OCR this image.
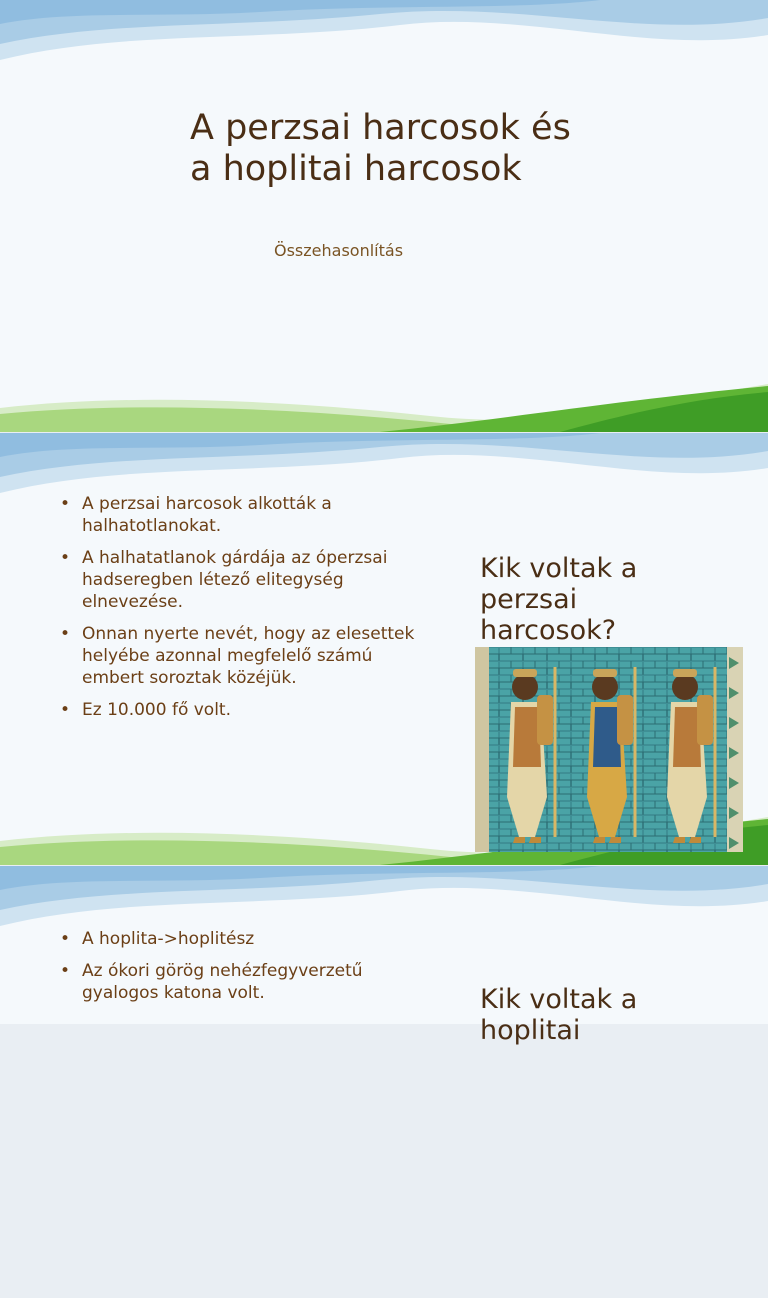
A perzsai harcosok és
a hoplitai harcosok
Összehasonlítás
• A perzsai harcosok alkották a halhatotlanokat.
• A halhatatlanok gárdája az óperzsai hadseregben létező elitegység elnevezése.
• Onnan nyerte nevét, hogy az elesettek helyébe azonnal megfelelő számú embert soroztak közéjük.
• Ez 10.000 fő volt.
Kik voltak a
perzsai
harcosok?
• A hoplita->hoplitész
• Az ókori görög nehézfegyverzetű gyalogos katona volt.	Kik voltak a
hoplitai
